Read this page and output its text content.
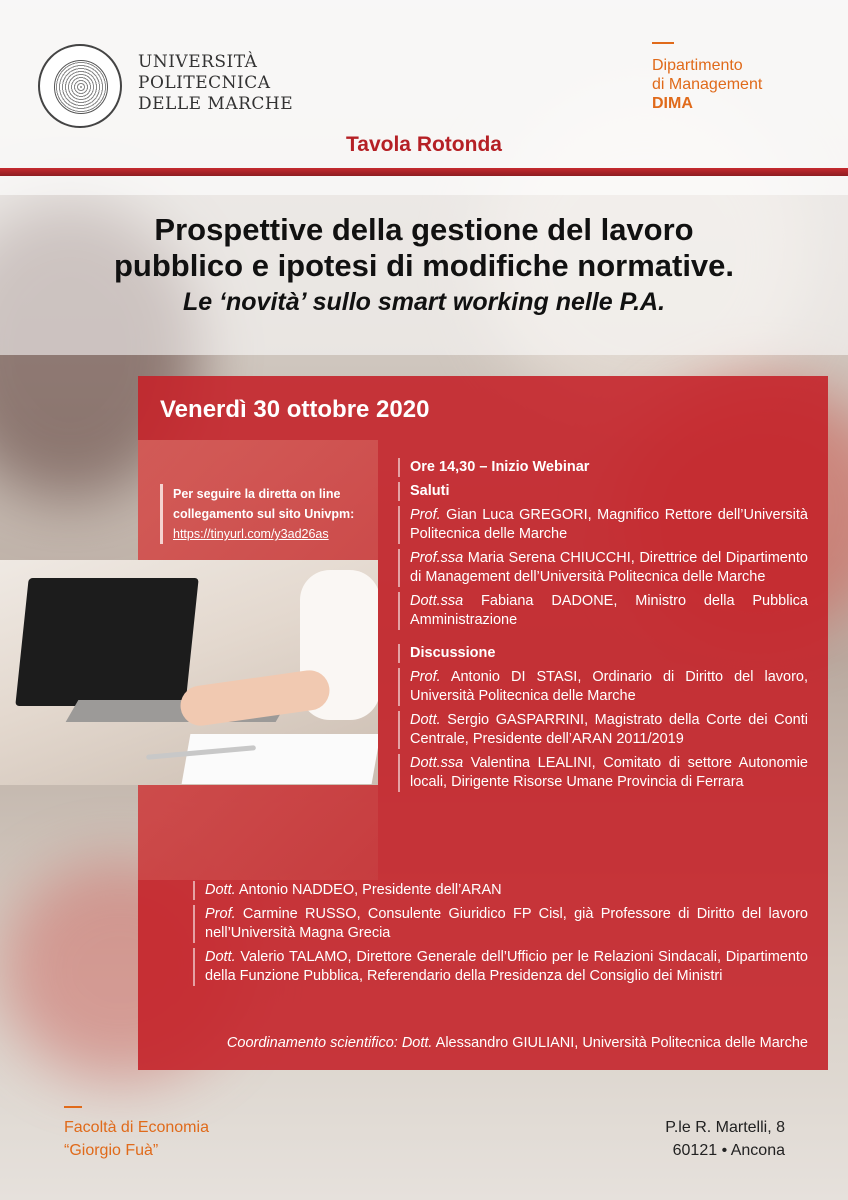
UNIVERSITÀ
POLITECNICA
DELLE MARCHE
Dipartimento
di Management
DIMA
Tavola Rotonda
Prospettive della gestione del lavoro
pubblico e ipotesi di modifiche normative.
Le ‘novità’ sullo smart working nelle P.A.
Venerdì 30 ottobre 2020
Per seguire la diretta on line
collegamento sul sito Univpm:
https://tinyurl.com/y3ad26as
Ore 14,30 – Inizio Webinar
Saluti
Prof. Gian Luca GREGORI, Magnifico Rettore dell’Università Politecnica delle Marche
Prof.ssa Maria Serena CHIUCCHI, Direttrice del Dipartimento di Management dell’Università Politecnica delle Marche
Dott.ssa Fabiana DADONE, Ministro della Pubblica Amministrazione
Discussione
Prof. Antonio DI STASI, Ordinario di Diritto del lavoro, Università Politecnica delle Marche
Dott. Sergio GASPARRINI, Magistrato della Corte dei Conti Centrale, Presidente dell’ARAN 2011/2019
Dott.ssa Valentina LEALINI, Comitato di settore Autonomie locali, Dirigente Risorse Umane Provincia di Ferrara
Dott. Antonio NADDEO, Presidente dell’ARAN
Prof. Carmine RUSSO, Consulente Giuridico FP Cisl, già Professore di Diritto del lavoro nell’Università Magna Grecia
Dott. Valerio TALAMO, Direttore Generale dell’Ufficio per le Relazioni Sindacali, Dipartimento della Funzione Pubblica, Referendario della Presidenza del Consiglio dei Ministri
Coordinamento scientifico: Dott. Alessandro GIULIANI, Università Politecnica delle Marche
Facoltà di Economia
“Giorgio Fuà”
P.le R. Martelli, 8
60121 • Ancona
